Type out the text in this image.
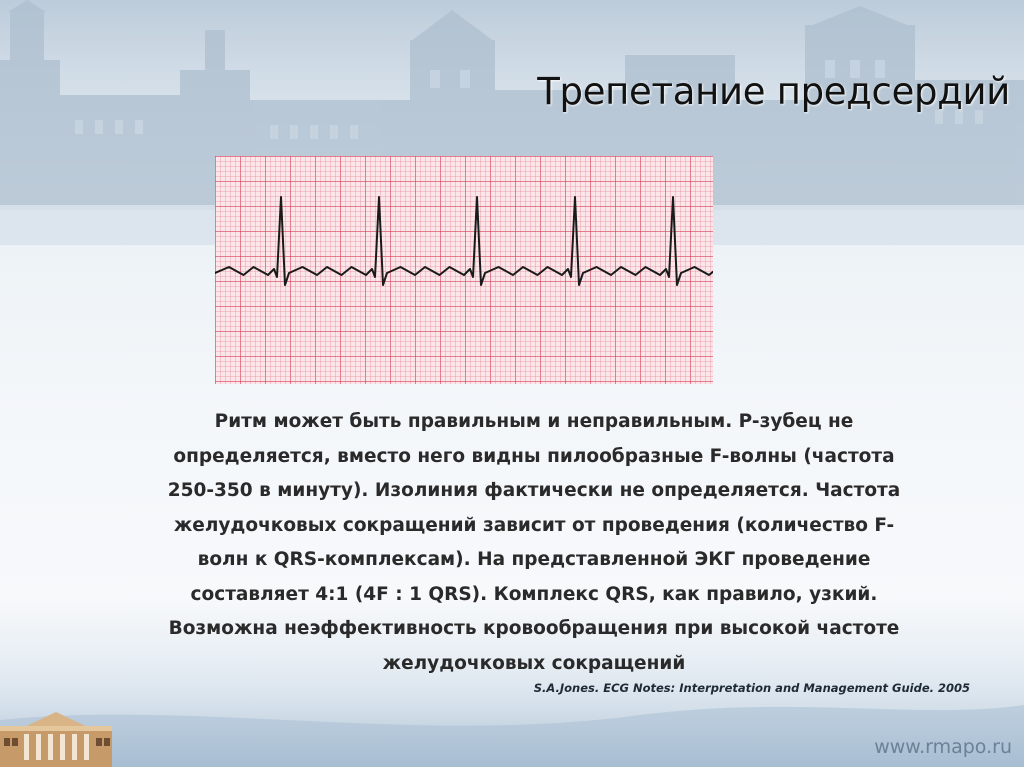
Трепетание предсердий
Ритм может быть правильным и неправильным. P-зубец не
определяется, вместо него видны пилообразные F-волны (частота
250-350 в минуту). Изолиния фактически не определяется. Частота
желудочковых сокращений зависит от проведения (количество F-
волн к QRS-комплексам). На представленной ЭКГ проведение
составляет 4:1 (4F : 1 QRS). Комплекс QRS, как правило, узкий.
Возможна неэффективность кровообращения при высокой частоте
желудочковых сокращений

S.A.Jones. ECG Notes: Interpretation and Management Guide. 2005

www.rmapo.ru
